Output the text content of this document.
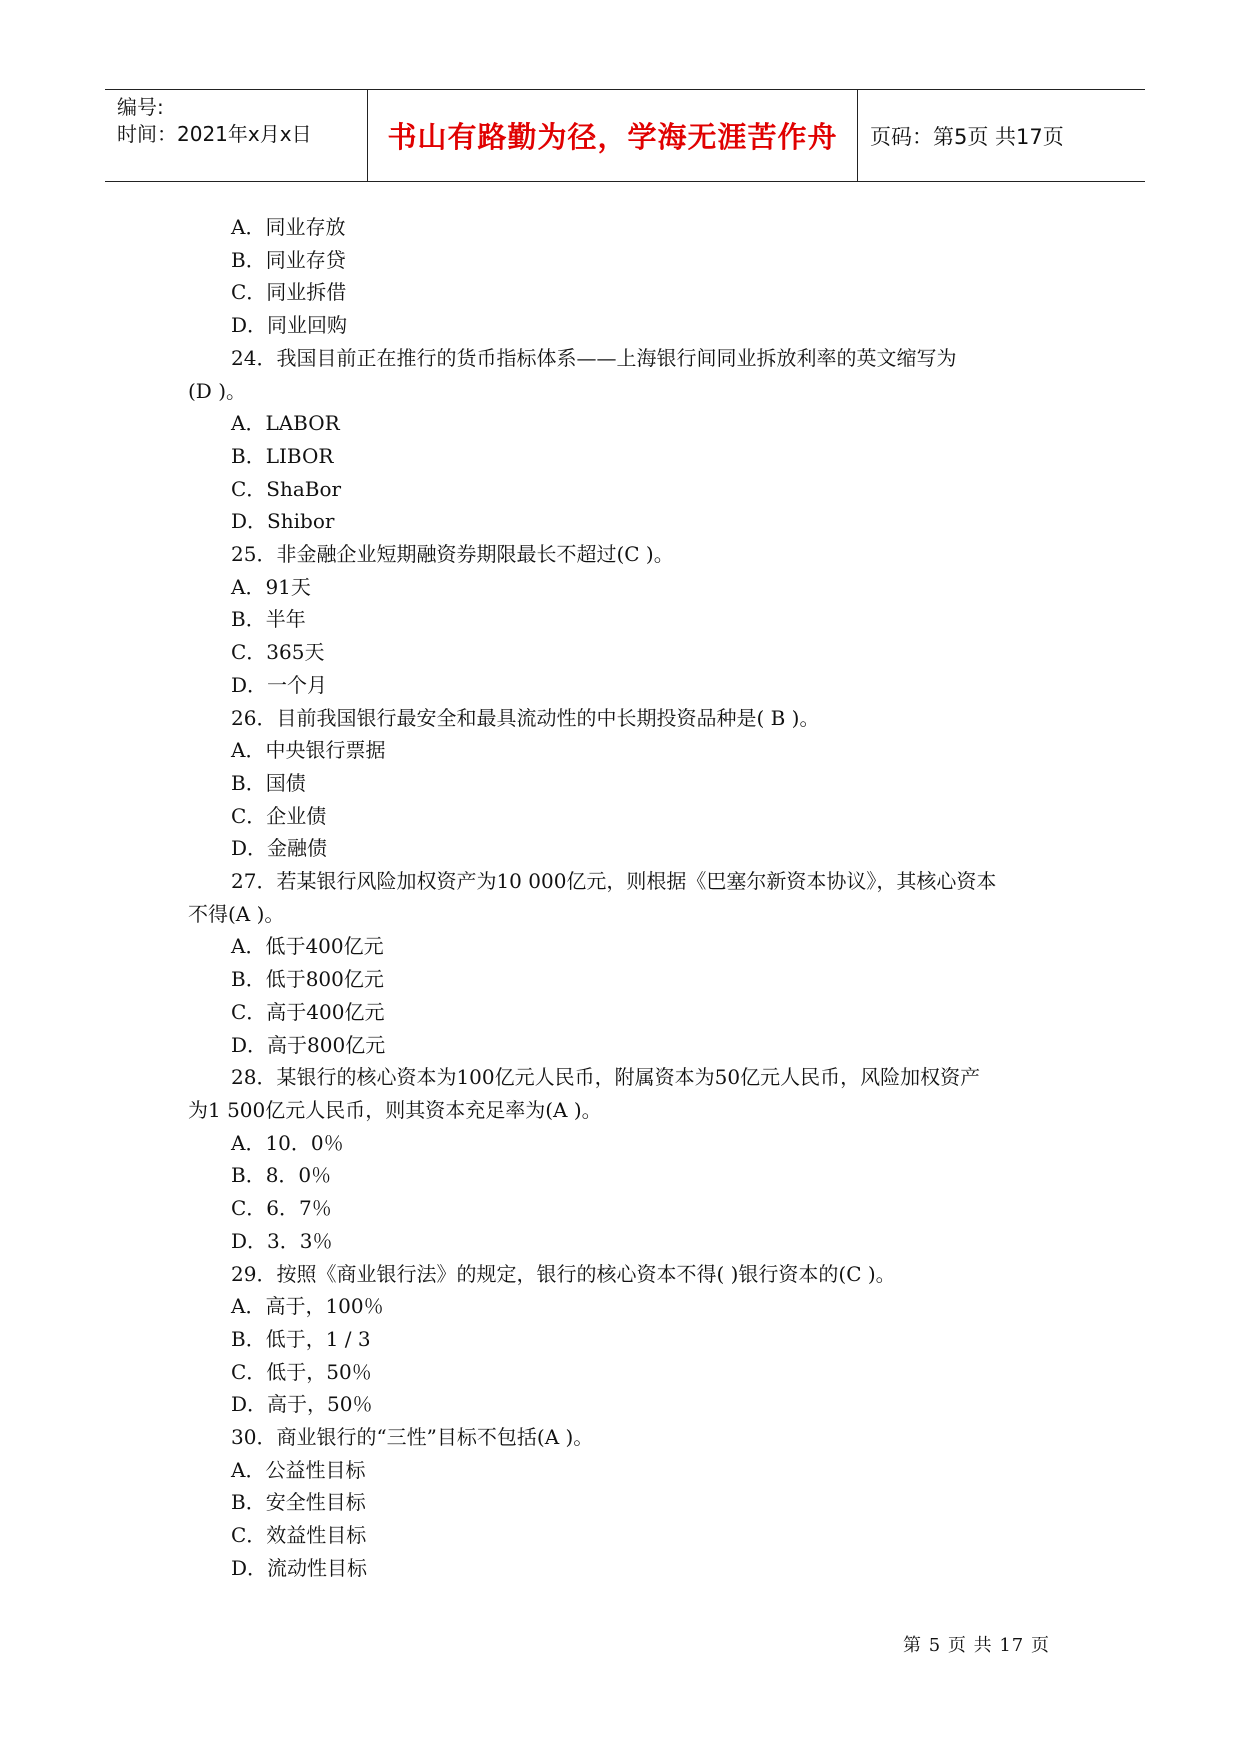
编号:
时间：2021年x月x日	书山有路勤为径，学海无涯苦作舟	页码：第5页 共17页
A．同业存放
B．同业存贷
C．同业拆借
D．同业回购
24．我国目前正在推行的货币指标体系——上海银行间同业拆放利率的英文缩写为
(D )。
A．LABOR
B．LIBOR
C．ShaBor
D．Shibor
25．非金融企业短期融资券期限最长不超过(C )。
A．91天
B．半年
C．365天
D．一个月
26．目前我国银行最安全和最具流动性的中长期投资品种是( B )。
A．中央银行票据
B．国债
C．企业债
D．金融债
27．若某银行风险加权资产为10 000亿元，则根据《巴塞尔新资本协议》，其核心资本
不得(A )。
A．低于400亿元
B．低于800亿元
C．高于400亿元
D．高于800亿元
28．某银行的核心资本为100亿元人民币，附属资本为50亿元人民币，风险加权资产
为1 500亿元人民币，则其资本充足率为(A )。
A．10．0％
B．8．0％
C．6．7％
D．3．3％
29．按照《商业银行法》的规定，银行的核心资本不得( )银行资本的(C )。
A．高于，100％
B．低于，1 / 3
C．低于，50％
D．高于，50％
30．商业银行的“三性”目标不包括(A )。
A．公益性目标
B．安全性目标
C．效益性目标
D．流动性目标
第 5 页 共 17 页
